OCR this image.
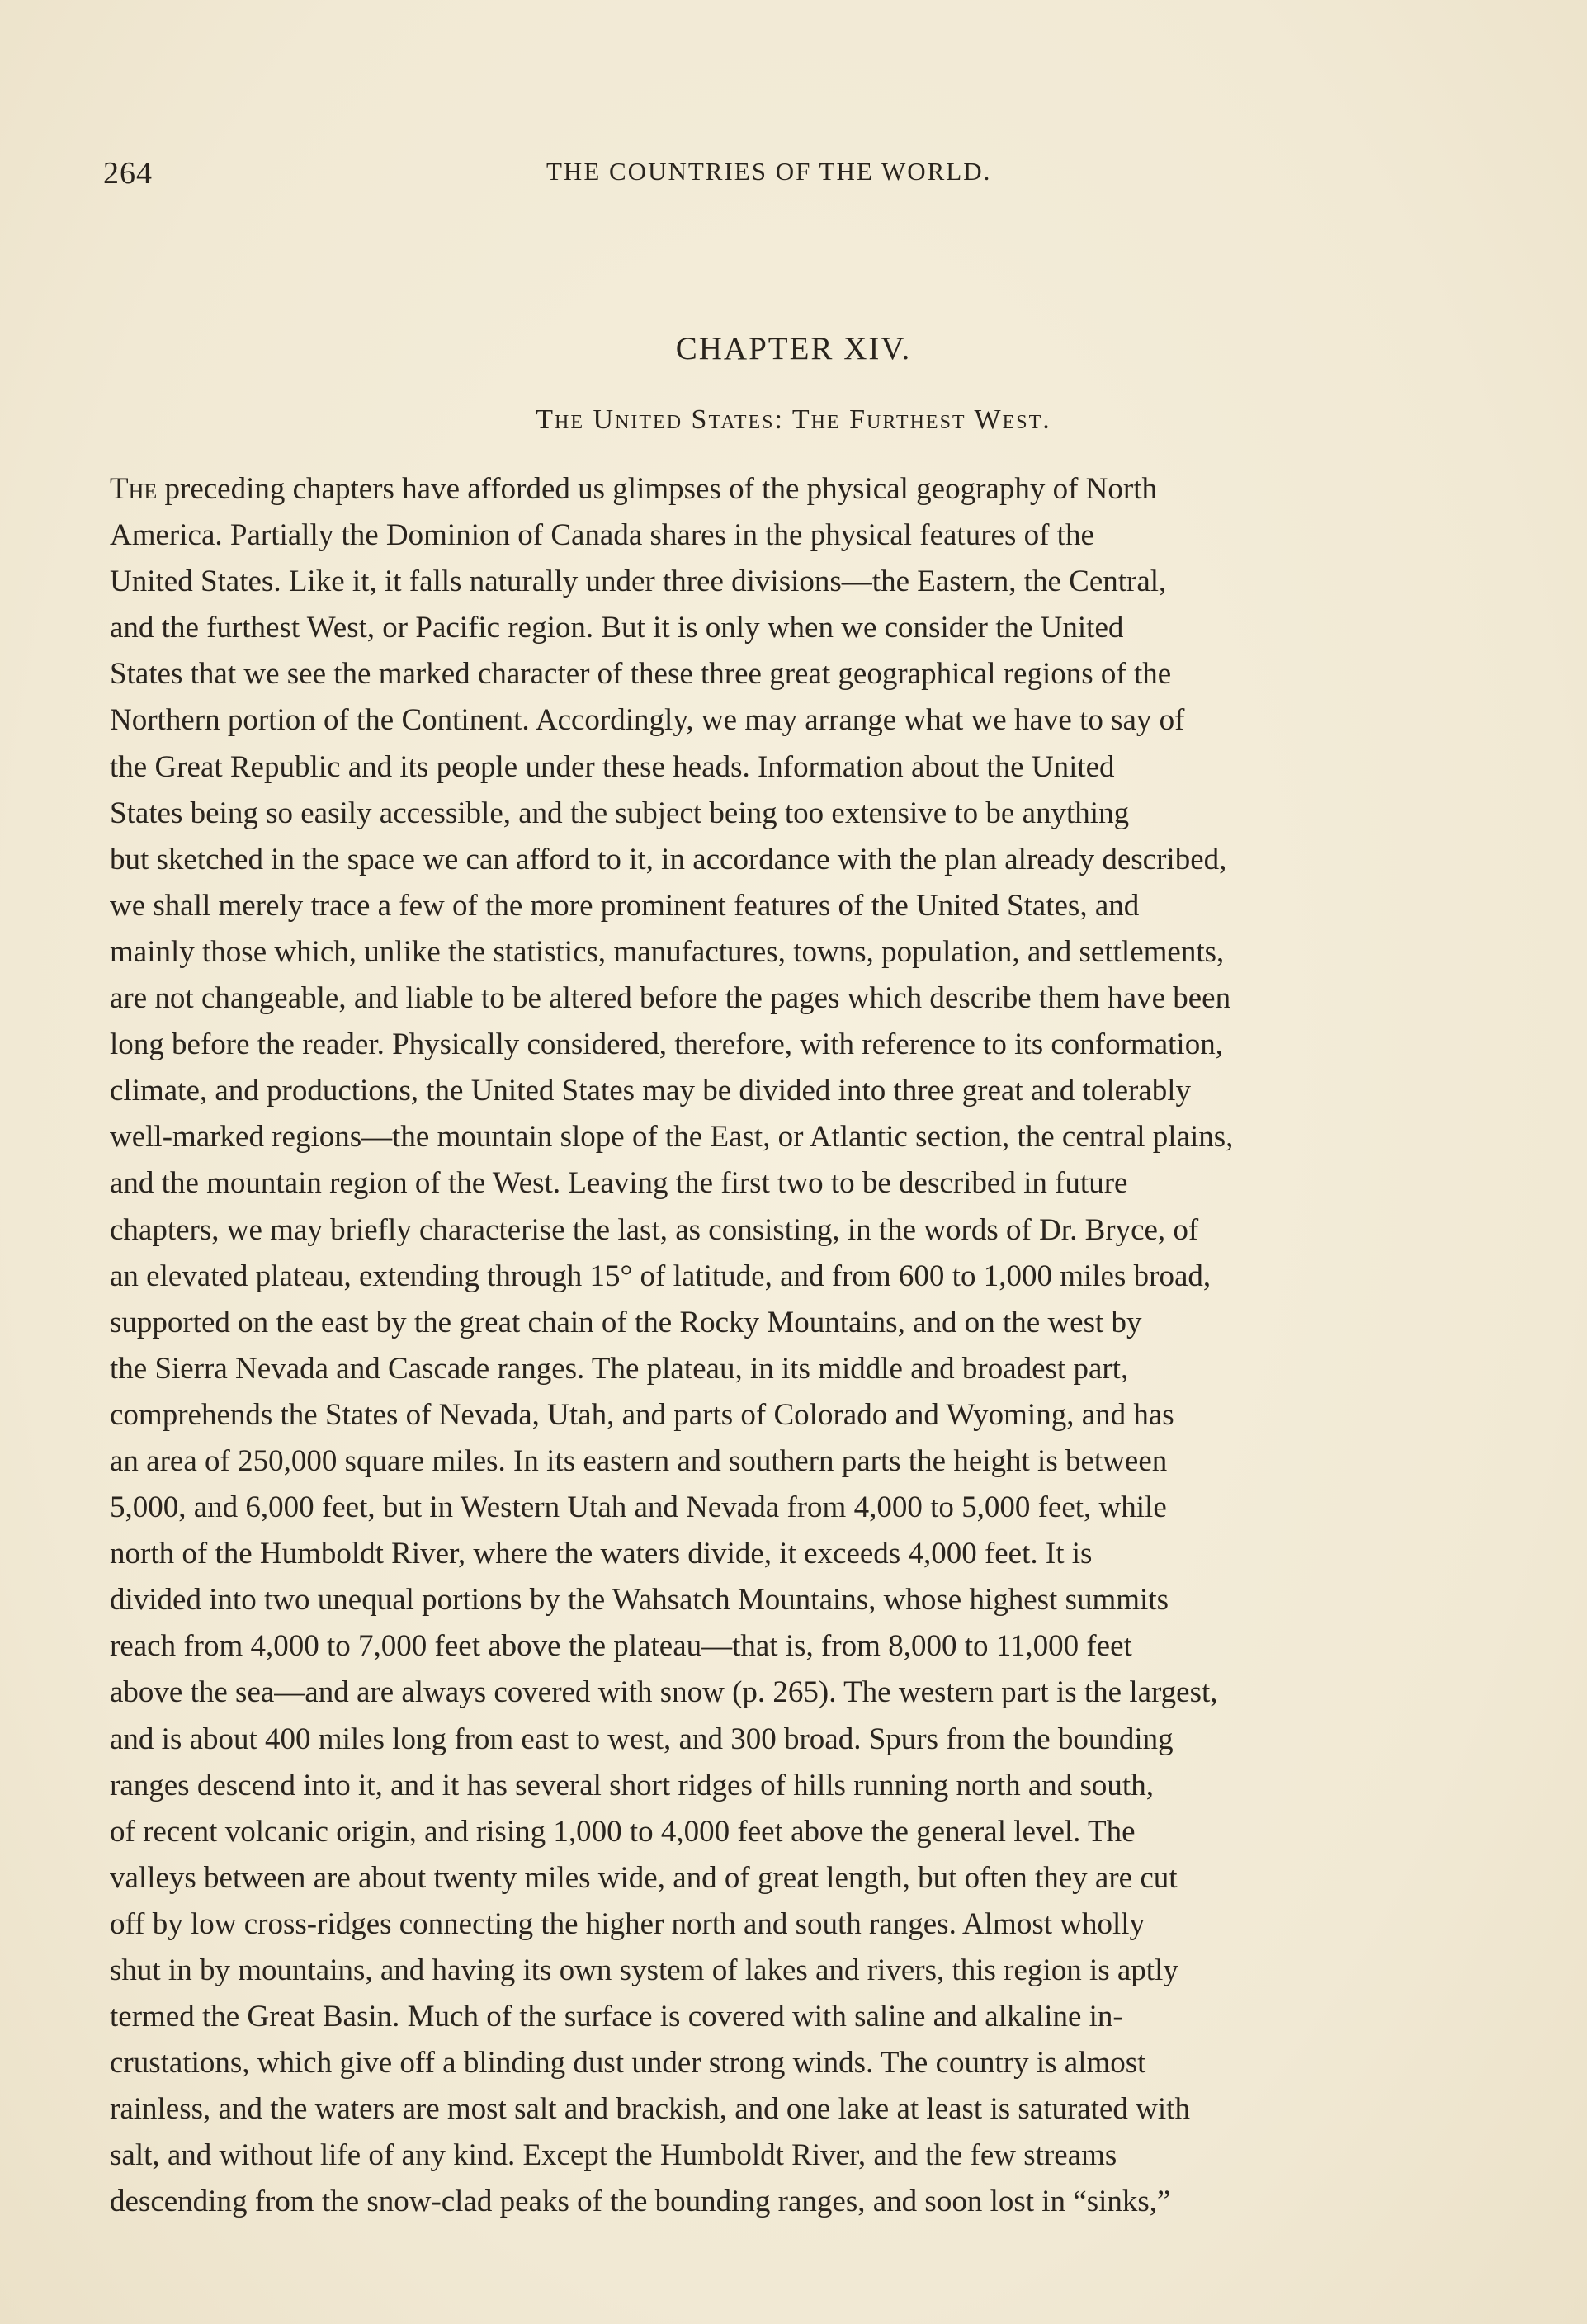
264	THE COUNTRIES OF THE WORLD.
CHAPTER XIV.
The United States: The Furthest West.
The preceding chapters have afforded us glimpses of the physical geography of North
America. Partially the Dominion of Canada shares in the physical features of the
United States. Like it, it falls naturally under three divisions—the Eastern, the Central,
and the furthest West, or Pacific region. But it is only when we consider the United
States that we see the marked character of these three great geographical regions of the
Northern portion of the Continent. Accordingly, we may arrange what we have to say of
the Great Republic and its people under these heads. Information about the United
States being so easily accessible, and the subject being too extensive to be anything
but sketched in the space we can afford to it, in accordance with the plan already described,
we shall merely trace a few of the more prominent features of the United States, and
mainly those which, unlike the statistics, manufactures, towns, population, and settlements,
are not changeable, and liable to be altered before the pages which describe them have been
long before the reader. Physically considered, therefore, with reference to its conformation,
climate, and productions, the United States may be divided into three great and tolerably
well-marked regions—the mountain slope of the East, or Atlantic section, the central plains,
and the mountain region of the West. Leaving the first two to be described in future
chapters, we may briefly characterise the last, as consisting, in the words of Dr. Bryce, of
an elevated plateau, extending through 15° of latitude, and from 600 to 1,000 miles broad,
supported on the east by the great chain of the Rocky Mountains, and on the west by
the Sierra Nevada and Cascade ranges. The plateau, in its middle and broadest part,
comprehends the States of Nevada, Utah, and parts of Colorado and Wyoming, and has
an area of 250,000 square miles. In its eastern and southern parts the height is between
5,000, and 6,000 feet, but in Western Utah and Nevada from 4,000 to 5,000 feet, while
north of the Humboldt River, where the waters divide, it exceeds 4,000 feet. It is
divided into two unequal portions by the Wahsatch Mountains, whose highest summits
reach from 4,000 to 7,000 feet above the plateau—that is, from 8,000 to 11,000 feet
above the sea—and are always covered with snow (p. 265). The western part is the largest,
and is about 400 miles long from east to west, and 300 broad. Spurs from the bounding
ranges descend into it, and it has several short ridges of hills running north and south,
of recent volcanic origin, and rising 1,000 to 4,000 feet above the general level. The
valleys between are about twenty miles wide, and of great length, but often they are cut
off by low cross-ridges connecting the higher north and south ranges. Almost wholly
shut in by mountains, and having its own system of lakes and rivers, this region is aptly
termed the Great Basin. Much of the surface is covered with saline and alkaline in-
crustations, which give off a blinding dust under strong winds. The country is almost
rainless, and the waters are most salt and brackish, and one lake at least is saturated with
salt, and without life of any kind. Except the Humboldt River, and the few streams
descending from the snow-clad peaks of the bounding ranges, and soon lost in “sinks,”
